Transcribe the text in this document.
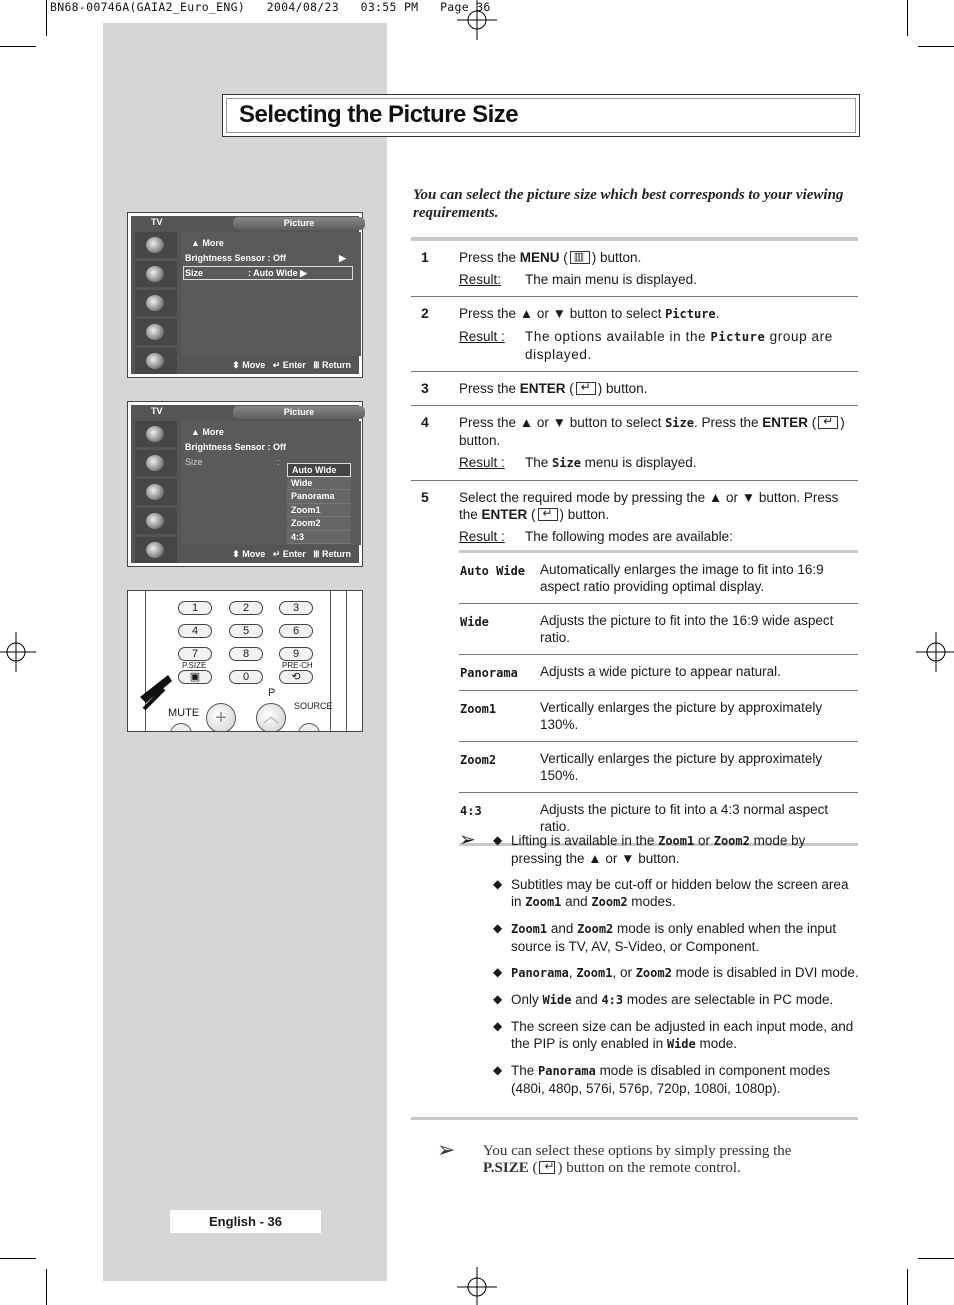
BN68-00746A(GAIA2_Euro_ENG)   2004/08/23   03:55 PM   Page 36
Selecting the Picture Size
You can select the picture size which best corresponds to your viewing requirements.
1 Press the MENU ( ▥ ) button.
Result:	The main menu is displayed.
2 Press the ▲ or ▼ button to select Picture.
Result :	The options available in the Picture group are displayed.
3 Press the ENTER ( ↵ ) button.
4 Press the ▲ or ▼ button to select Size. Press the ENTER (↵ ) button.
Result :	The Size menu is displayed.
5 Select the required mode by pressing the ▲ or ▼ button. Press the ENTER ( ↵ ) button.
Result :	The following modes are available:
Auto Wide	Automatically enlarges the image to fit into 16:9 aspect ratio providing optimal display.
Wide	Adjusts the picture to fit into the 16:9 wide aspect ratio.
Panorama	Adjusts a wide picture to appear natural.
Zoom1	Vertically enlarges the picture by approximately 130%.
Zoom2	Vertically enlarges the picture by approximately 150%.
4:3	Adjusts the picture to fit into a 4:3 normal aspect ratio.
➢ ◆ Lifting is available in the Zoom1 or Zoom2 mode by pressing the ▲ or ▼ button.
◆ Subtitles may be cut-off or hidden below the screen area in Zoom1 and Zoom2 modes.
◆ Zoom1 and Zoom2 mode is only enabled when the input source is TV, AV, S-Video, or Component.
◆ Panorama, Zoom1, or Zoom2 mode is disabled in DVI mode.
◆ Only Wide and 4:3 modes are selectable in PC mode.
◆ The screen size can be adjusted in each input mode, and the PIP is only enabled in Wide mode.
◆ The Panorama mode is disabled in component modes (480i, 480p, 576i, 576p, 720p, 1080i, 1080p).
➢	You can select these options by simply pressing the P.SIZE ( ↵ ) button on the remote control.
English - 36
TV	Picture
▲ More
Brightness Sensor : Off	▶
Size                  : Auto Wide ▶
⬍ Move   ↵ Enter   Ⅲ Return
TV	Picture
▲ More
Brightness Sensor : Off
Size	:
Auto Wide
Wide
Panorama
Zoom1
Zoom2
4:3
⬍ Move   ↵ Enter   Ⅲ Return
1	2	3
4	5	6
7	8	9
P.SIZE	PRE-CH
▣	0	⟲
MUTE
P
SOURCE
+	︿
